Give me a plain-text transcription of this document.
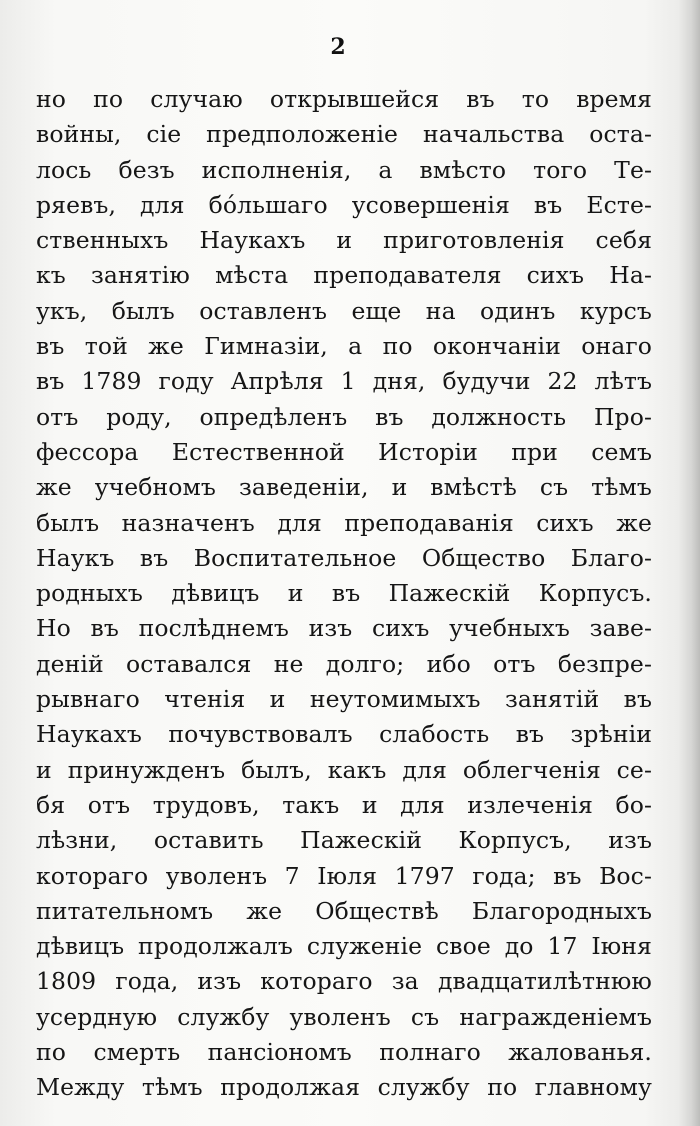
2
но по случаю открывшейся въ то время
войны, сіе предположеніе начальства оста-
лось безъ исполненія, а вмѣсто того Те-
ряевъ, для бóльшаго усовершенія въ Есте-
ственныхъ Наукахъ и приготовленія себя
къ занятію мѣста преподавателя сихъ На-
укъ, былъ оставленъ еще на одинъ курсъ
въ той же Гимназіи, а по окончаніи онаго
въ 1789 году Апрѣля 1 дня, будучи 22 лѣтъ
отъ роду, опредѣленъ въ должность Про-
фессора Естественной Исторіи при семъ
же учебномъ заведеніи, и вмѣстѣ съ тѣмъ
былъ назначенъ для преподаванія сихъ же
Наукъ въ Воспитательное Общество Благо-
родныхъ дѣвицъ и въ Пажескій Корпусъ.
Но въ послѣднемъ изъ сихъ учебныхъ заве-
деній оставался не долго; ибо отъ безпре-
рывнаго чтенія и неутомимыхъ занятій въ
Наукахъ почувствовалъ слабость въ зрѣніи
и принужденъ былъ, какъ для облегченія се-
бя отъ трудовъ, такъ и для излеченія бо-
лѣзни, оставить Пажескій Корпусъ, изъ
котораго уволенъ 7 Іюля 1797 года; въ Вос-
питательномъ же Обществѣ Благородныхъ
дѣвицъ продолжалъ служеніе свое до 17 Іюня
1809 года, изъ котораго за двадцатилѣтнюю
усердную службу уволенъ съ награжденіемъ
по смерть пансіономъ полнаго жалованья.
Между тѣмъ продолжая службу по главному
